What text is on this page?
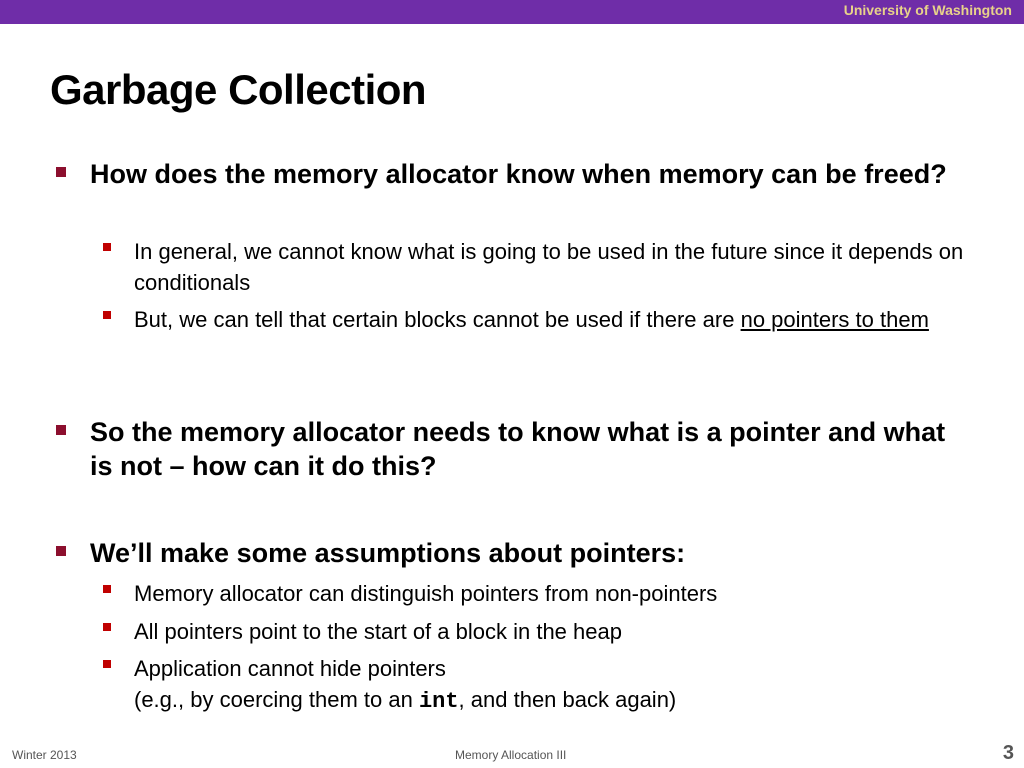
University of Washington
Garbage Collection
How does the memory allocator know when memory can be freed?
In general, we cannot know what is going to be used in the future since it depends on conditionals
But, we can tell that certain blocks cannot be used if there are no pointers to them
So the memory allocator needs to know what is a pointer and what is not – how can it do this?
We’ll make some assumptions about pointers:
Memory allocator can distinguish pointers from non-pointers
All pointers point to the start of a block in the heap
Application cannot hide pointers
(e.g., by coercing them to an int, and then back again)
Winter 2013	Memory Allocation III	3
